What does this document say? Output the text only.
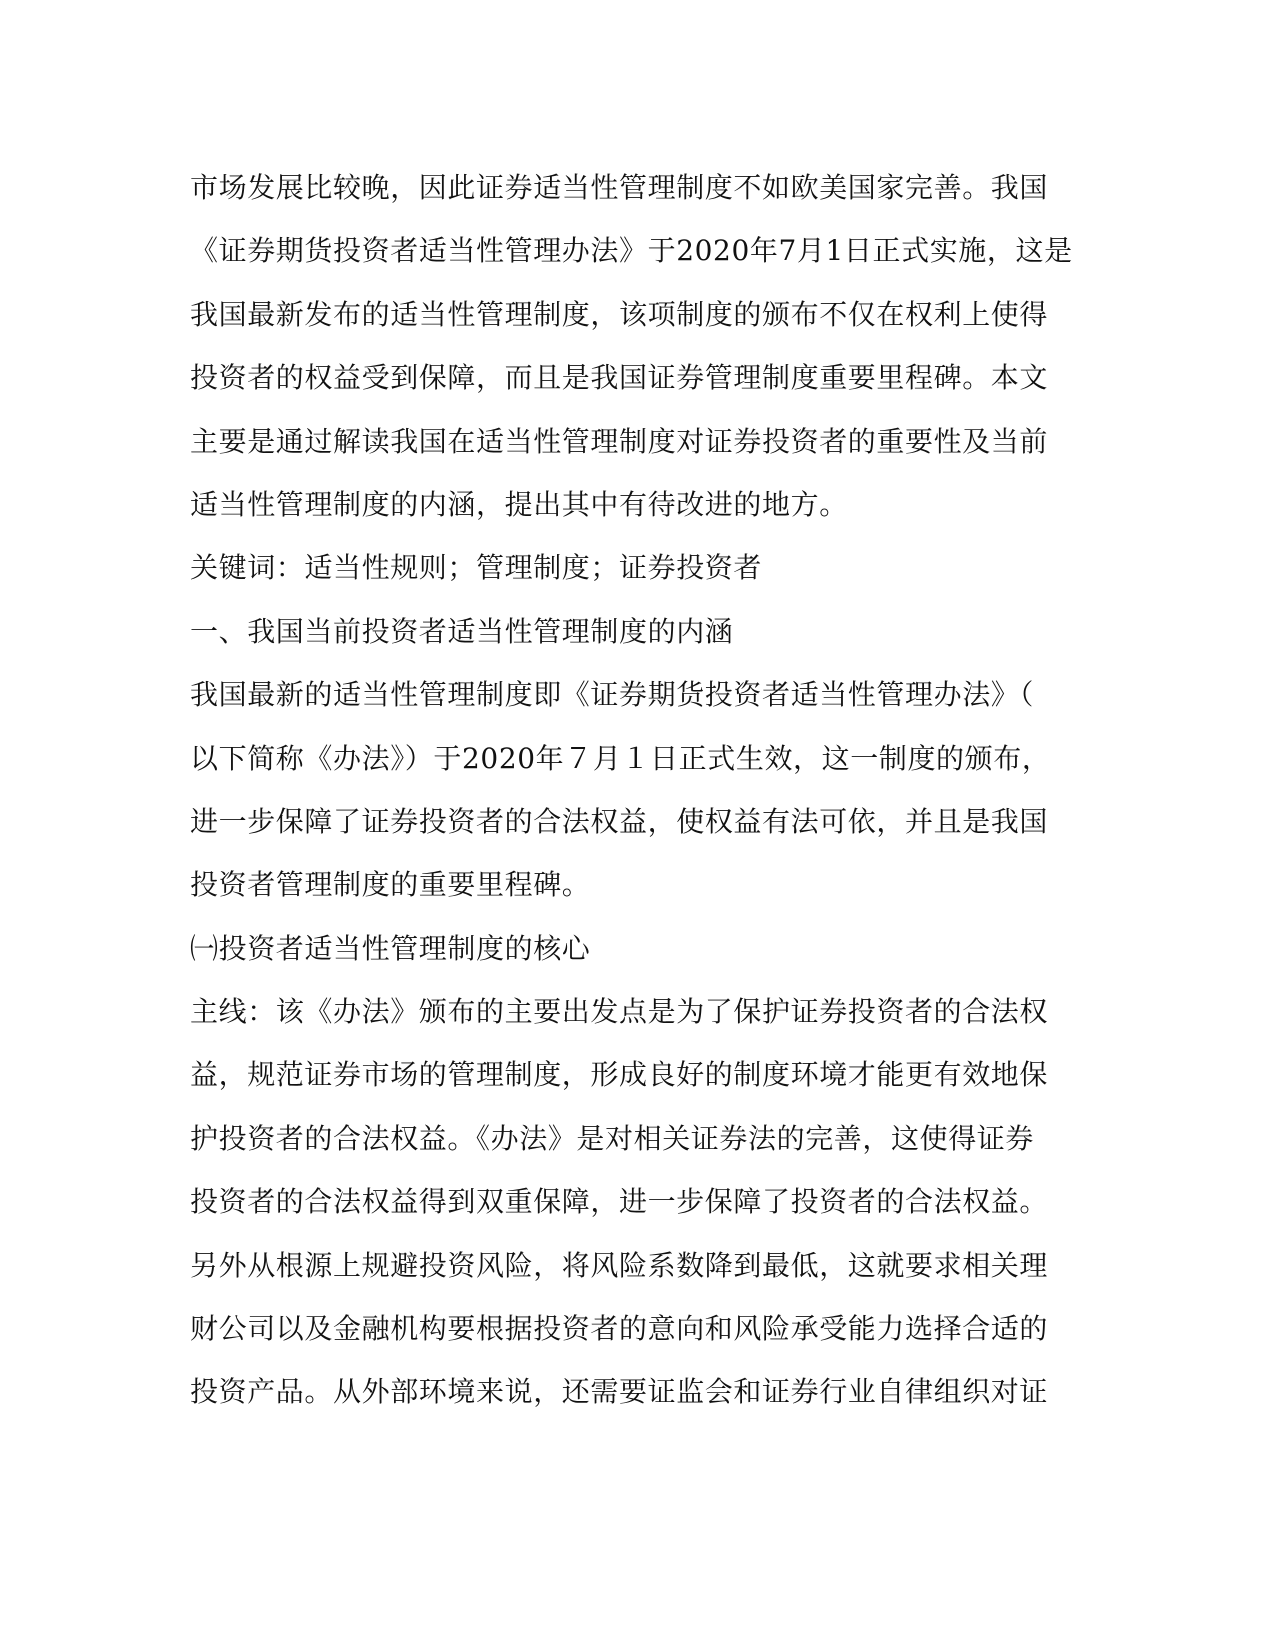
市场发展比较晚，因此证券适当性管理制度不如欧美国家完善。我国
《证券期货投资者适当性管理办法》于2020年7月1日正式实施，这是
我国最新发布的适当性管理制度，该项制度的颁布不仅在权利上使得
投资者的权益受到保障，而且是我国证券管理制度重要里程碑。本文
主要是通过解读我国在适当性管理制度对证券投资者的重要性及当前
适当性管理制度的内涵，提出其中有待改进的地方。
关键词：适当性规则；管理制度；证券投资者
一、我国当前投资者适当性管理制度的内涵
我国最新的适当性管理制度即《证券期货投资者适当性管理办法》（
以下简称《办法》）于2020年７月１日正式生效，这一制度的颁布，
进一步保障了证券投资者的合法权益，使权益有法可依，并且是我国
投资者管理制度的重要里程碑。
㈠投资者适当性管理制度的核心
主线：该《办法》颁布的主要出发点是为了保护证券投资者的合法权
益，规范证券市场的管理制度，形成良好的制度环境才能更有效地保
护投资者的合法权益。《办法》是对相关证券法的完善，这使得证券
投资者的合法权益得到双重保障，进一步保障了投资者的合法权益。
另外从根源上规避投资风险，将风险系数降到最低，这就要求相关理
财公司以及金融机构要根据投资者的意向和风险承受能力选择合适的
投资产品。从外部环境来说，还需要证监会和证券行业自律组织对证
